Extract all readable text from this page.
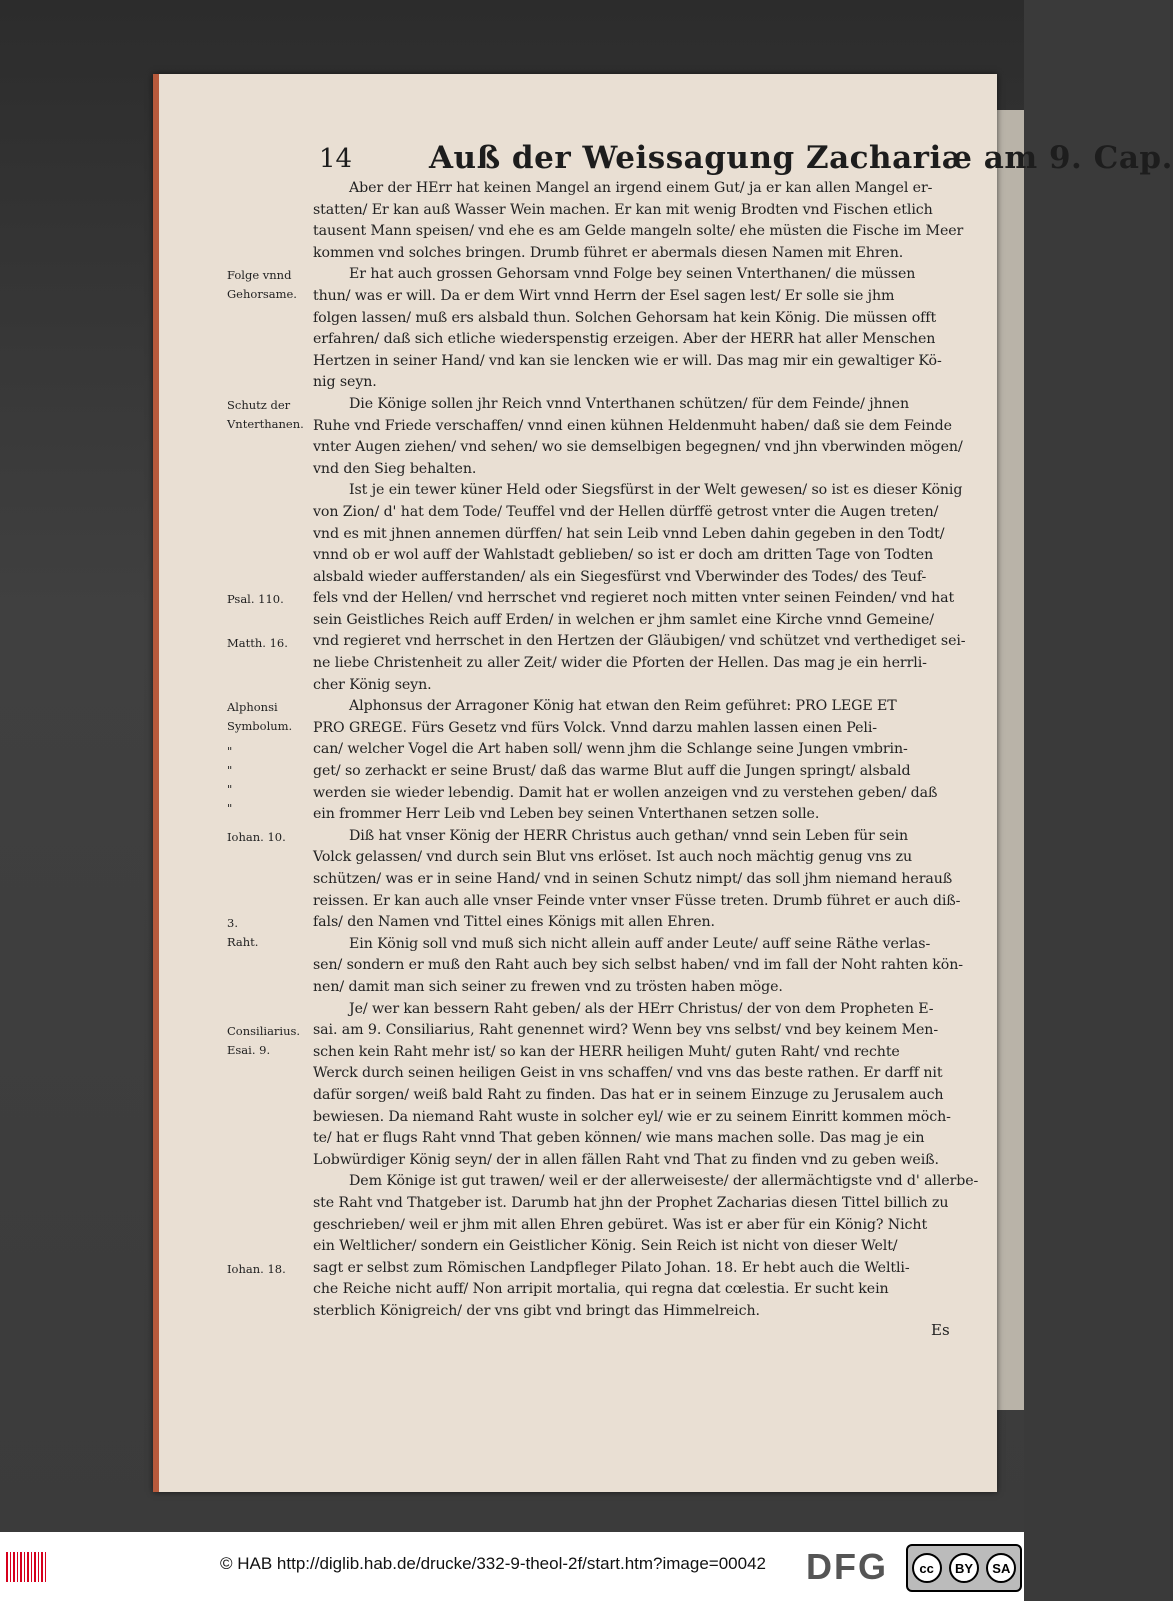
14 Auß der Weissagung Zachariæ am 9. Cap.
Aber der HErr hat keinen Mangel an irgend einem Gut/ ja er kan allen Mangel er-
statten/ Er kan auß Wasser Wein machen. Er kan mit wenig Brodten vnd Fischen etlich
tausent Mann speisen/ vnd ehe es am Gelde mangeln solte/ ehe müsten die Fische im Meer
kommen vnd solches bringen. Drumb führet er abermals diesen Namen mit Ehren.
Er hat auch grossen Gehorsam vnnd Folge bey seinen Vnterthanen/ die müssen
thun/ was er will. Da er dem Wirt vnnd Herrn der Esel sagen lest/ Er solle sie jhm
folgen lassen/ muß ers alsbald thun. Solchen Gehorsam hat kein König. Die müssen offt
erfahren/ daß sich etliche wiederspenstig erzeigen. Aber der HERR hat aller Menschen
Hertzen in seiner Hand/ vnd kan sie lencken wie er will. Das mag mir ein gewaltiger Kö-
nig seyn.
Die Könige sollen jhr Reich vnnd Vnterthanen schützen/ für dem Feinde/ jhnen
Ruhe vnd Friede verschaffen/ vnnd einen kühnen Heldenmuht haben/ daß sie dem Feinde
vnter Augen ziehen/ vnd sehen/ wo sie demselbigen begegnen/ vnd jhn vberwinden mögen/
vnd den Sieg behalten.
Ist je ein tewer küner Held oder Siegsfürst in der Welt gewesen/ so ist es dieser König
von Zion/ d' hat dem Tode/ Teuffel vnd der Hellen dürffë getrost vnter die Augen treten/
vnd es mit jhnen annemen dürffen/ hat sein Leib vnnd Leben dahin gegeben in den Todt/
vnnd ob er wol auff der Wahlstadt geblieben/ so ist er doch am dritten Tage von Todten
alsbald wieder aufferstanden/ als ein Siegesfürst vnd Vberwinder des Todes/ des Teuf-
fels vnd der Hellen/ vnd herrschet vnd regieret noch mitten vnter seinen Feinden/ vnd hat
sein Geistliches Reich auff Erden/ in welchen er jhm samlet eine Kirche vnnd Gemeine/
vnd regieret vnd herrschet in den Hertzen der Gläubigen/ vnd schützet vnd verthediget sei-
ne liebe Christenheit zu aller Zeit/ wider die Pforten der Hellen. Das mag je ein herrli-
cher König seyn.
Alphonsus der Arragoner König hat etwan den Reim geführet: PRO LEGE ET
PRO GREGE. Fürs Gesetz vnd fürs Volck. Vnnd darzu mahlen lassen einen Peli-
can/ welcher Vogel die Art haben soll/ wenn jhm die Schlange seine Jungen vmbrin-
get/ so zerhackt er seine Brust/ daß das warme Blut auff die Jungen springt/ alsbald
werden sie wieder lebendig. Damit hat er wollen anzeigen vnd zu verstehen geben/ daß
ein frommer Herr Leib vnd Leben bey seinen Vnterthanen setzen solle.
Diß hat vnser König der HERR Christus auch gethan/ vnnd sein Leben für sein
Volck gelassen/ vnd durch sein Blut vns erlöset. Ist auch noch mächtig genug vns zu
schützen/ was er in seine Hand/ vnd in seinen Schutz nimpt/ das soll jhm niemand herauß
reissen. Er kan auch alle vnser Feinde vnter vnser Füsse treten. Drumb führet er auch diß-
fals/ den Namen vnd Tittel eines Königs mit allen Ehren.
Ein König soll vnd muß sich nicht allein auff ander Leute/ auff seine Räthe verlas-
sen/ sondern er muß den Raht auch bey sich selbst haben/ vnd im fall der Noht rahten kön-
nen/ damit man sich seiner zu frewen vnd zu trösten haben möge.
Je/ wer kan bessern Raht geben/ als der HErr Christus/ der von dem Propheten E-
sai. am 9. Consiliarius, Raht genennet wird? Wenn bey vns selbst/ vnd bey keinem Men-
schen kein Raht mehr ist/ so kan der HERR heiligen Muht/ guten Raht/ vnd rechte
Werck durch seinen heiligen Geist in vns schaffen/ vnd vns das beste rathen. Er darff nit
dafür sorgen/ weiß bald Raht zu finden. Das hat er in seinem Einzuge zu Jerusalem auch
bewiesen. Da niemand Raht wuste in solcher eyl/ wie er zu seinem Einritt kommen möch-
te/ hat er flugs Raht vnnd That geben können/ wie mans machen solle. Das mag je ein
Lobwürdiger König seyn/ der in allen fällen Raht vnd That zu finden vnd zu geben weiß.
Dem Könige ist gut trawen/ weil er der allerweiseste/ der allermächtigste vnd d' allerbe-
ste Raht vnd Thatgeber ist. Darumb hat jhn der Prophet Zacharias diesen Tittel billich zu
geschrieben/ weil er jhm mit allen Ehren gebüret. Was ist er aber für ein König? Nicht
ein Weltlicher/ sondern ein Geistlicher König. Sein Reich ist nicht von dieser Welt/
sagt er selbst zum Römischen Landpfleger Pilato Johan. 18. Er hebt auch die Weltli-
che Reiche nicht auff/ Non arripit mortalia, qui regna dat cœlestia. Er sucht kein
sterblich Königreich/ der vns gibt vnd bringt das Himmelreich.
Folge vnnd
Gehorsame.
Schutz der
Vnterthanen.
Psal. 110.
Matth. 16.
Alphonsi
Symbolum.
"
"
"
"
Iohan. 10.
3.
Raht.
Consiliarius.
Esai. 9.
Iohan. 18.
Es
© HAB http://diglib.hab.de/drucke/332-9-theol-2f/start.htm?image=00042 DFG	cc	BY	SA
